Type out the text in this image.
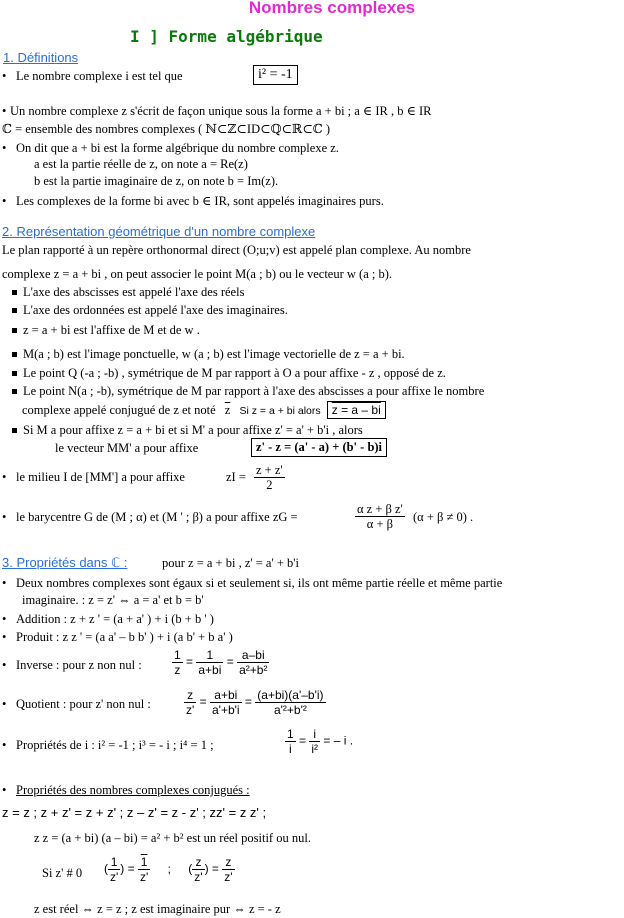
Nombres complexes
I ] Forme algébrique
1. Définitions
• Le nombre complexe i est tel que	i² = -1
• Un nombre complexe z s'écrit de façon unique sous la forme a + bi ; a ∈ IR , b ∈ IR
ℂ = ensemble des nombres complexes ( ℕ⊂ℤ⊂ID⊂ℚ⊂ℝ⊂ℂ )
• On dit que a + bi est la forme algébrique du nombre complexe z.
a est la partie réelle de z, on note a = Re(z)
b est la partie imaginaire de z, on note b = Im(z).
• Les complexes de la forme bi avec b ∈ IR, sont appelés imaginaires purs.
2. Représentation géométrique d'un nombre complexe
Le plan rapporté à un repère orthonormal direct (O;u;v) est appelé plan complexe. Au nombre
complexe z = a + bi , on peut associer le point M(a ; b) ou le vecteur w (a ; b).
L'axe des abscisses est appelé l'axe des réels
L'axe des ordonnées est appelé l'axe des imaginaires.
z = a + bi est l'affixe de M et de w .
M(a ; b) est l'image ponctuelle, w (a ; b) est l'image vectorielle de z = a + bi.
Le point Q (-a ; -b) , symétrique de M par rapport à O a pour affixe - z , opposé de z.
Le point N(a ; -b), symétrique de M par rapport à l'axe des abscisses a pour affixe le nombre
complexe appelé conjugué de z et noté $\overline{z}$ Si z = a + bi alors z = a – bi
Si M a pour affixe z = a + bi et si M' a pour affixe z' = a' + b'i , alors
le vecteur MM' a pour affixe	z' - z = (a' - a) + (b' - b)i
• le milieu I de [MM'] a pour affixe	zI = $\frac{z + z'}{2}$
• le barycentre G de (M ; α) et (M ' ; β) a pour affixe zG =	$\frac{\text{α z + β z'}}{\alpha + \beta} (\alpha + \beta \ne 0)$ .
3. Propriétés dans ℂ :	pour z = a + bi , z' = a' + b'i
• Deux nombres complexes sont égaux si et seulement si, ils ont même partie réelle et même partie
imaginaire. : z = z' ⇔ a = a' et b = b'
• Addition : z + z ' = (a + a' ) + i (b + b ' )
• Produit : z z ' = (a a' – b b' ) + i (a b' + b a' )
• Inverse : pour z non nul :	$\frac{1}{z} = \frac{1}{a+bi} = \frac{a-bi}{\text{a²+b²}}$
• Quotient : pour z' non nul :	$\frac{z}{z'} = \frac{a+bi}{a'+b'i} = \frac{(a+bi)(a'-b'i)}{\text{a'²+b'²}}$
• Propriétés de i : i² = -1 ; i³ = - i ; i⁴ = 1 ;	$\frac{1}{i} = \frac{i}{\text{i²}}$ = – i .
• Propriétés des nombres complexes conjugués :
z = z ; z + z' = z + z' ; z – z' = z - z' ; zz' = z z' ;
z z = (a + bi) (a – bi) = a² + b² est un réel positif ou nul.
Si z' # 0 ( $\frac{1}{z'}$ ) = $\frac{1}{z'}$ ; ( $\frac{z}{z'}$ ) = $\frac{z}{z'}$
z est réel ⇔ z = z ; z est imaginaire pur ⇔ z = - z
